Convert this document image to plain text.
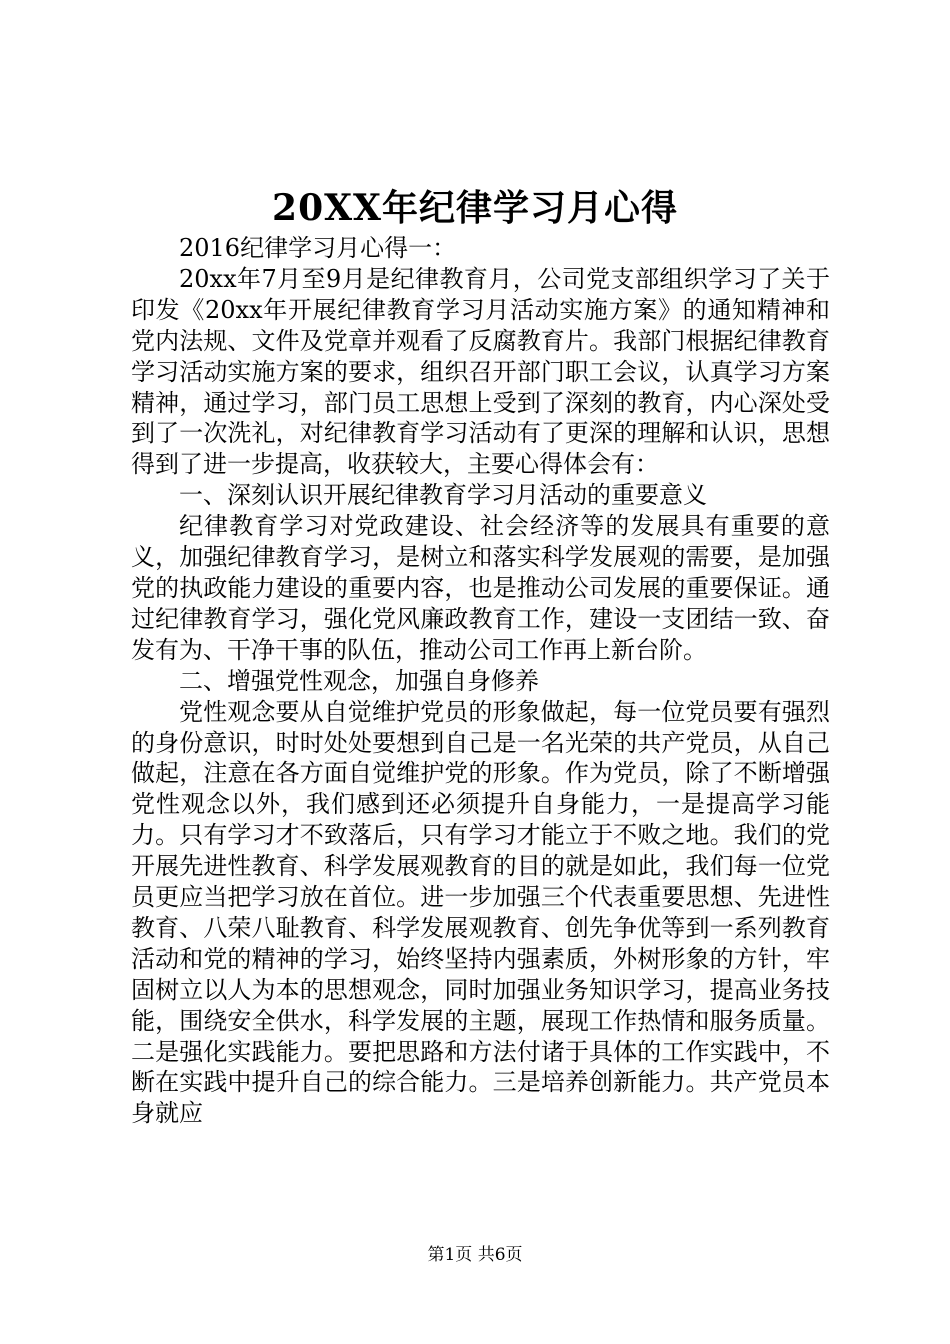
20XX年纪律学习月心得

2016纪律学习月心得一：

20xx年7月至9月是纪律教育月，公司党支部组织学习了关于印发《20xx年开展纪律教育学习月活动实施方案》的通知精神和党内法规、文件及党章并观看了反腐教育片。我部门根据纪律教育学习活动实施方案的要求，组织召开部门职工会议，认真学习方案精神，通过学习，部门员工思想上受到了深刻的教育，内心深处受到了一次洗礼，对纪律教育学习活动有了更深的理解和认识，思想得到了进一步提高，收获较大，主要心得体会有：

一、深刻认识开展纪律教育学习月活动的重要意义

纪律教育学习对党政建设、社会经济等的发展具有重要的意义，加强纪律教育学习，是树立和落实科学发展观的需要，是加强党的执政能力建设的重要内容，也是推动公司发展的重要保证。通过纪律教育学习，强化党风廉政教育工作，建设一支团结一致、奋发有为、干净干事的队伍，推动公司工作再上新台阶。

二、增强党性观念，加强自身修养

党性观念要从自觉维护党员的形象做起，每一位党员要有强烈的身份意识，时时处处要想到自己是一名光荣的共产党员，从自己做起，注意在各方面自觉维护党的形象。作为党员，除了不断增强党性观念以外，我们感到还必须提升自身能力，一是提高学习能力。只有学习才不致落后，只有学习才能立于不败之地。我们的党开展先进性教育、科学发展观教育的目的就是如此，我们每一位党员更应当把学习放在首位。进一步加强三个代表重要思想、先进性教育、八荣八耻教育、科学发展观教育、创先争优等到一系列教育活动和党的精神的学习，始终坚持内强素质，外树形象的方针，牢固树立以人为本的思想观念，同时加强业务知识学习，提高业务技能，围绕安全供水，科学发展的主题，展现工作热情和服务质量。二是强化实践能力。要把思路和方法付诸于具体的工作实践中，不断在实践中提升自己的综合能力。三是培养创新能力。共产党员本身就应

第1页 共6页
